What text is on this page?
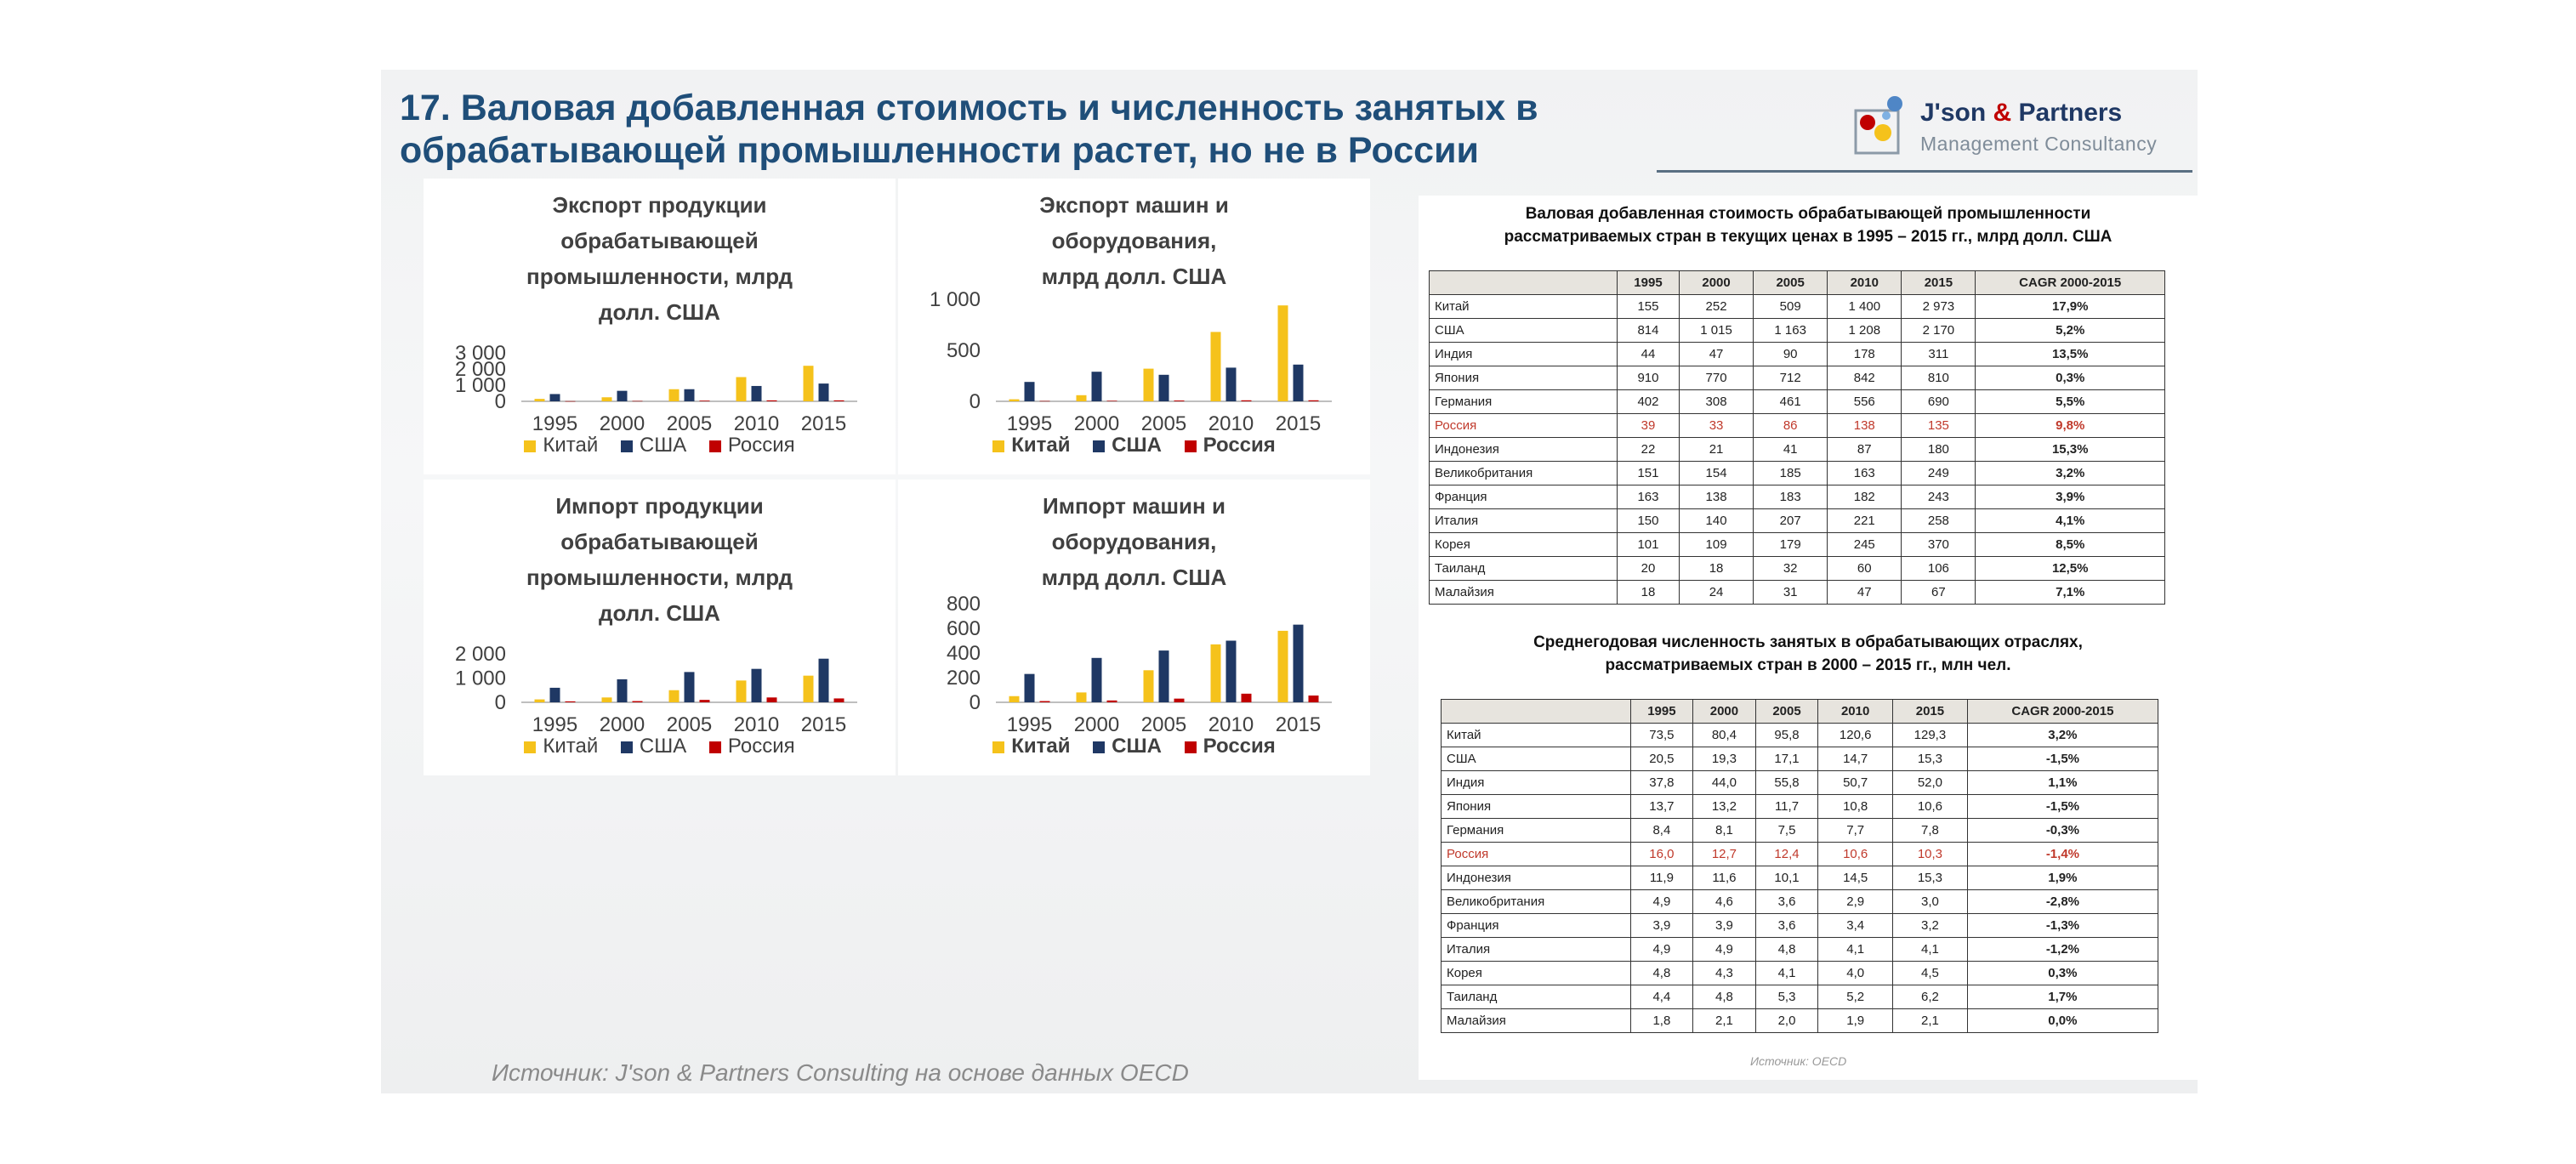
17. Валовая добавленная стоимость и численность занятых в
обрабатывающей промышленности растет, но не в России
J'son & Partners
Management Consultancy
Экспорт продукции
обрабатывающей
промышленности, млрд
долл. США
0
1 000
2 000
3 000
1995 2000 2005 2010 2015
Китай США Россия
Экспорт машин и
оборудования,
млрд долл. США
0
500
1 000
1995 2000 2005 2010 2015
Китай США Россия
Импорт продукции
обрабатывающей
промышленности, млрд
долл. США
0
1 000
2 000
1995 2000 2005 2010 2015
Китай США Россия
Импорт машин и
оборудования,
млрд долл. США
0
200
400
600
800
1995 2000 2005 2010 2015
Китай США Россия
Источник: J'son & Partners Consulting на основе данных OECD
Валовая добавленная стоимость обрабатывающей промышленности
рассматриваемых стран в текущих ценах в 1995 – 2015 гг., млрд долл. США
	1995	2000	2005	2010	2015	CAGR 2000-2015
Китай	155	252	509	1 400	2 973	17,9%
США	814	1 015	1 163	1 208	2 170	5,2%
Индия	44	47	90	178	311	13,5%
Япония	910	770	712	842	810	0,3%
Германия	402	308	461	556	690	5,5%
Россия	39	33	86	138	135	9,8%
Индонезия	22	21	41	87	180	15,3%
Великобритания	151	154	185	163	249	3,2%
Франция	163	138	183	182	243	3,9%
Италия	150	140	207	221	258	4,1%
Корея	101	109	179	245	370	8,5%
Таиланд	20	18	32	60	106	12,5%
Малайзия	18	24	31	47	67	7,1%
Среднегодовая численность занятых в обрабатывающих отраслях,
рассматриваемых стран в 2000 – 2015 гг., млн чел.
	1995	2000	2005	2010	2015	CAGR 2000-2015
Китай	73,5	80,4	95,8	120,6	129,3	3,2%
США	20,5	19,3	17,1	14,7	15,3	-1,5%
Индия	37,8	44,0	55,8	50,7	52,0	1,1%
Япония	13,7	13,2	11,7	10,8	10,6	-1,5%
Германия	8,4	8,1	7,5	7,7	7,8	-0,3%
Россия	16,0	12,7	12,4	10,6	10,3	-1,4%
Индонезия	11,9	11,6	10,1	14,5	15,3	1,9%
Великобритания	4,9	4,6	3,6	2,9	3,0	-2,8%
Франция	3,9	3,9	3,6	3,4	3,2	-1,3%
Италия	4,9	4,9	4,8	4,1	4,1	-1,2%
Корея	4,8	4,3	4,1	4,0	4,5	0,3%
Таиланд	4,4	4,8	5,3	5,2	6,2	1,7%
Малайзия	1,8	2,1	2,0	1,9	2,1	0,0%
Источник: OECD
